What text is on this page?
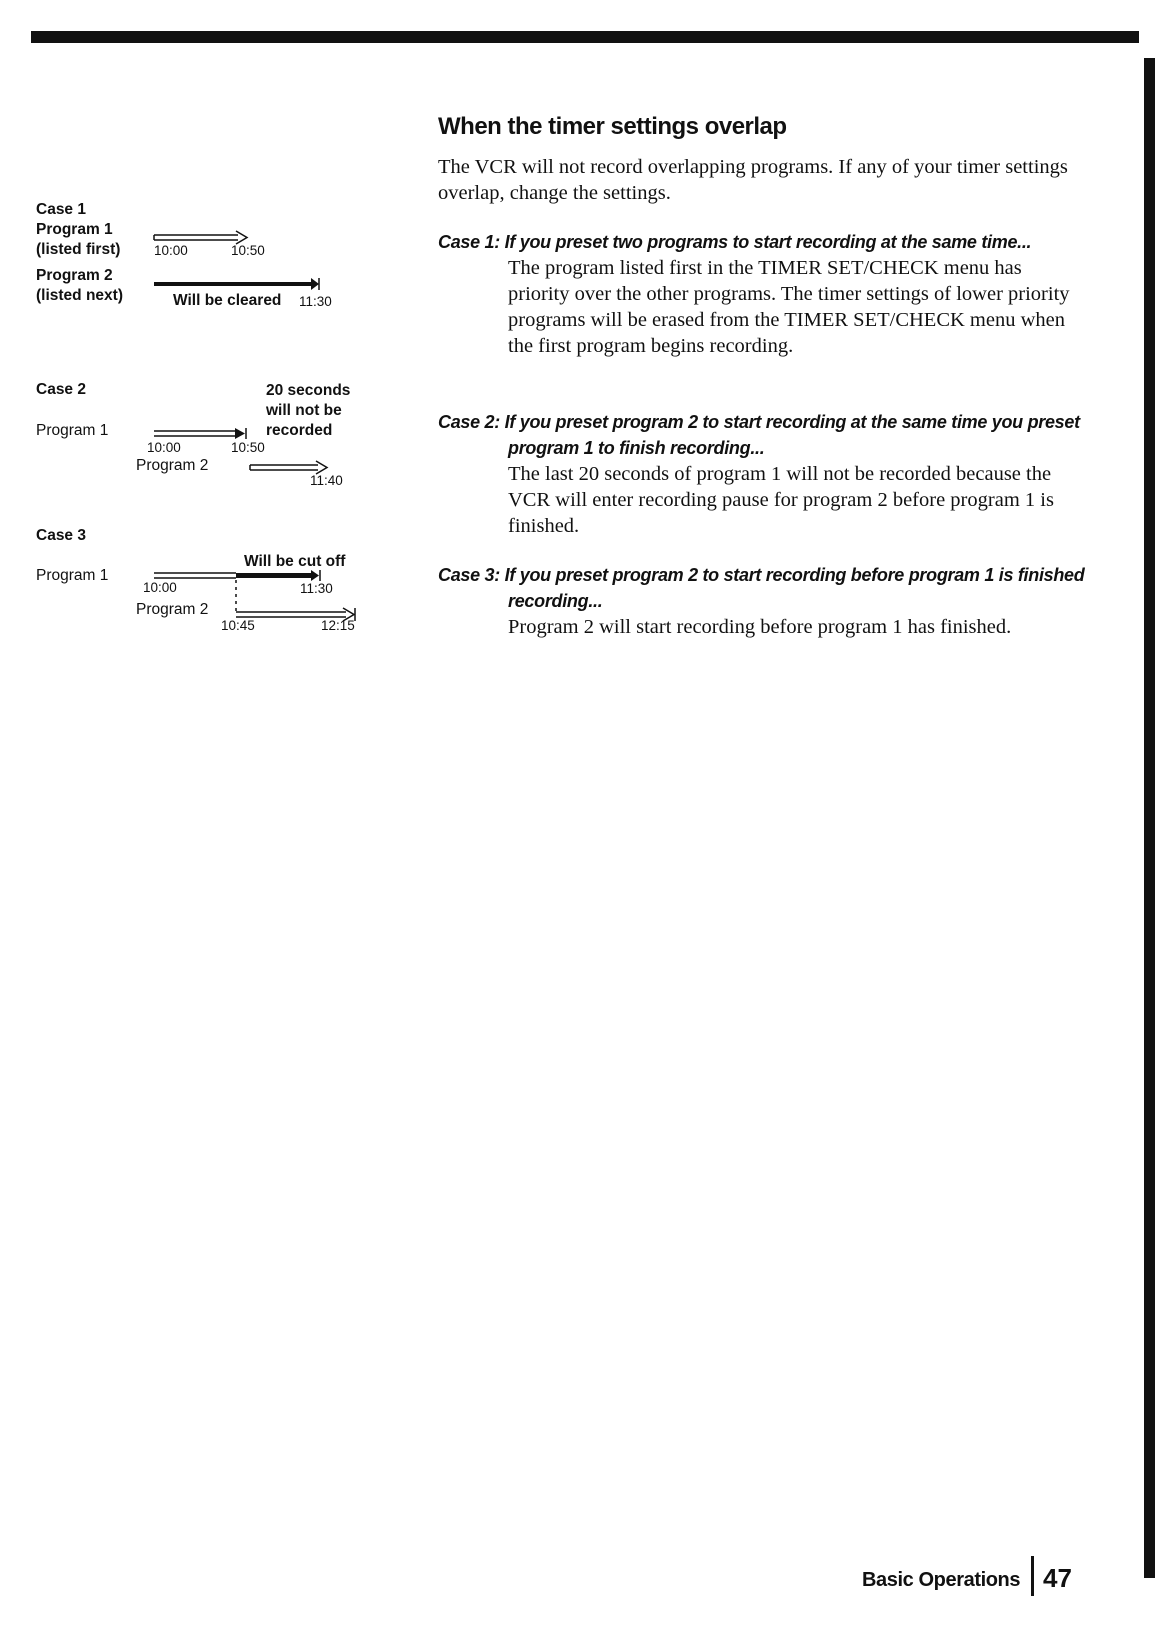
Case 1
Program 1
(listed first)
Program 2
(listed next)
10:00	10:50
Will be cleared 11:30
Case 2	20 seconds
will not be
recorded
Program 1
10:00	10:50
Program 2
11:40
Case 3
Will be cut off
Program 1
10:00	11:30
Program 2
10:45	12:15
When the timer settings overlap

The VCR will not record overlapping programs. If any of your timer settings overlap, change the settings.

Case 1: If you preset two programs to start recording at the same time...
The program listed first in the TIMER SET/CHECK menu has priority over the other programs. The timer settings of lower priority programs will be erased from the TIMER SET/CHECK menu when the first program begins recording.
Case 2: If you preset program 2 to start recording at the same time you preset program 1 to finish recording...
The last 20 seconds of program 1 will not be recorded because the VCR will enter recording pause for program 2 before program 1 is finished.
Case 3: If you preset program 2 to start recording before program 1 is finished recording...
Program 2 will start recording before program 1 has finished.
Basic Operations 47
